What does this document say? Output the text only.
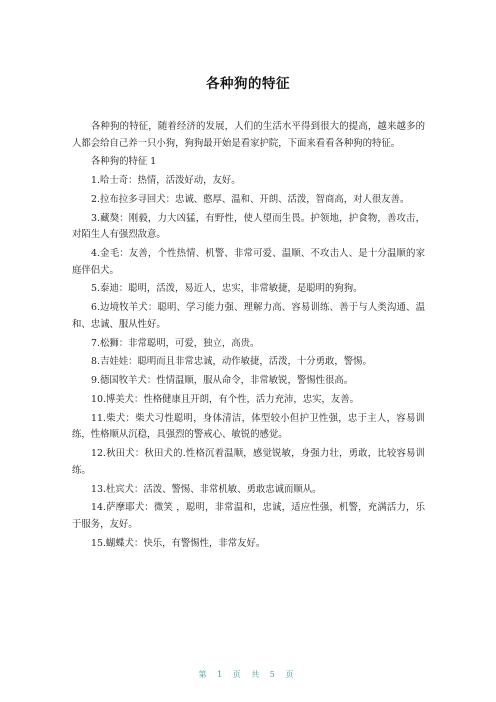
各种狗的特征

各种狗的特征，随着经济的发展，人们的生活水平得到很大的提高，越来越多的人都会给自己养一只小狗，狗狗最开始是看家护院，下面来看看各种狗的特征。

各种狗的特征 1

1.哈士奇：热情，活泼好动，友好。

2.拉布拉多寻回犬：忠诚、憨厚、温和、开朗、活泼，智商高，对人很友善。

3.藏獒：刚毅，力大凶猛，有野性，使人望而生畏。护领地，护食物，善攻击，对陌生人有强烈敌意。

4.金毛：友善，个性热情、机警、非常可爱、温顺、不攻击人、是十分温顺的家庭伴侣犬。

5.泰迪：聪明，活泼，易近人，忠实，非常敏捷，是聪明的狗狗。

6.边境牧羊犬：聪明、学习能力强、理解力高、容易训练、善于与人类沟通、温和、忠诚、服从性好。

7.松狮：非常聪明，可爱，独立，高贵。

8.吉娃娃：聪明而且非常忠诚，动作敏捷，活泼，十分勇敢，警惕。

9.德国牧羊犬：性情温顺，服从命令，非常敏锐，警惕性很高。

10.博美犬：性格健康且开朗，有个性，活力充沛，忠实，友善。

11.柴犬：柴犬习性聪明，身体清洁，体型较小但护卫性强，忠于主人，容易训练，性格顺从沉稳，具强烈的警戒心、敏锐的感觉。

12.秋田犬：秋田犬的.性格沉着温顺，感觉锐敏，身强力壮，勇敢，比较容易训练。

13.杜宾犬：活泼、警惕、非常机敏、勇敢忠诚而顺从。

14.萨摩耶犬：微笑 ，聪明，非常温和，忠诚，适应性强，机警，充满活力，乐于服务，友好。

15.蝴蝶犬：快乐，有警惕性，非常友好。

第 1 页 共 5 页
